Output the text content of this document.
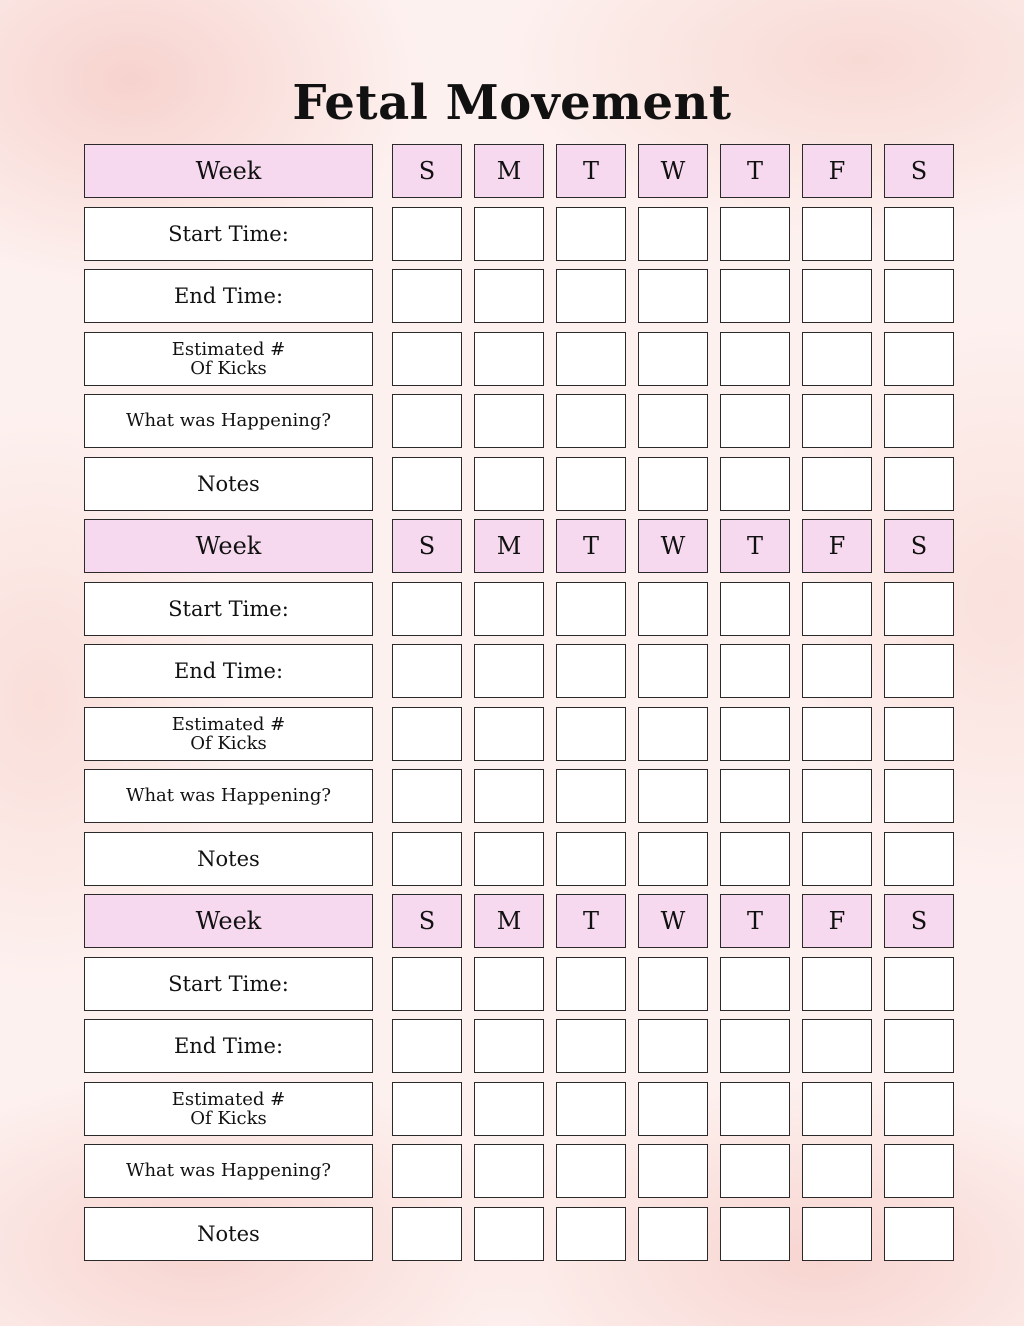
Fetal Movement
Week	S	M	T	W	T	F	S
Start Time:
End Time:
Estimated #
Of Kicks
What was Happening?
Notes
Week	S	M	T	W	T	F	S
Start Time:
End Time:
Estimated #
Of Kicks
What was Happening?
Notes
Week	S	M	T	W	T	F	S
Start Time:
End Time:
Estimated #
Of Kicks
What was Happening?
Notes
